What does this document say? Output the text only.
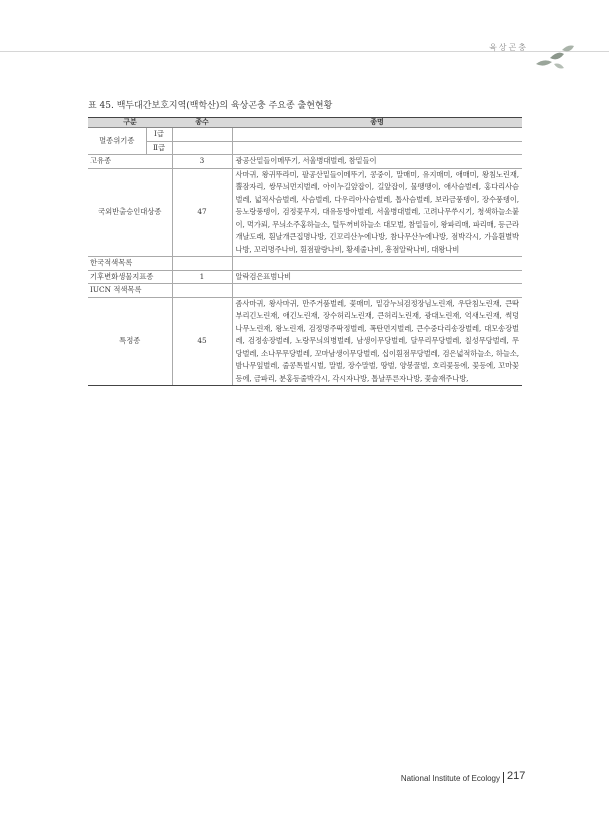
육상곤충
표 45. 백두대간보호지역(백학산)의 육상곤충 주요종 출현현황
구분		종수	종명
멸종위기종	Ⅰ급		
	Ⅱ급		
고유종		3	광공산밑들이메뚜기, 서울병대벌레, 참밑들이
국외반출승인대상종		47	사마귀, 왕귀뚜라미, 팔공산밑들이메뚜기, 콩중이, 말매미, 유지매미, 애매미, 왕침노린재, 뿔잠자리, 쌍무늬먼지벌레, 아이누길앞잡이, 길앞잡이, 물땡땡이, 애사슴벌레, 홍다리사슴벌레, 넓적사슴벌레, 사슴벌레, 다우리아사슴벌레, 톱사슴벌레, 보라금풍뎅이, 장수풍뎅이, 등노랑풍뎅이, 검정꽃무지, 대유동방아벌레, 서울병대벌레, 고려나무쑤시기, 청색하늘소붙이, 먹가뢰, 무늬소주홍하늘소, 털두꺼비하늘소 대모벌, 참밑들이, 왕파리매, 파리매, 등근라개날도래, 흰날개큰집명나방, 긴꼬리산누에나방, 참나무산누에나방, 점박각시, 가을휜별박나방, 꼬리명주나비, 흰점팔랑나비, 황세줄나비, 흥점알락나비, 대왕나비
한국적색목록			
기후변화생물지표종		1	알락검은표범나비
IUCN 적색목록			
특정종		45	좀사마귀, 왕사마귀, 만주거품벌레, 꽃매미, 밑감누늬검정장님노린재, 우단침노린재, 큰딱부리긴노린재, 애긴노린재, 장수허리노린재, 큰허리노린재, 광대노린재, 억새노린재, 썩덩나무노린재, 왕노린재, 검정명주딱정벌레, 폭탄먼지벌레, 큰수중다리송장벌레, 대모송장벌레, 검정송장벌레, 노랑무늬의병벌레, 남생이무당벌레, 달무리무당벌레, 칠성무당벌레, 무당벌레, 소나무무당벌레, 꼬마남생이무당벌레, 십이흰점무당벌레, 검은넓적하늘소, 하늘소, 밤나무잎벌레, 줄콩톡벌시벌, 말벌, 장수말벌, 땅벌, 양봉꿀벌, 호리꽃등에, 꽃등에, 꼬마꽃등에, 금파리, 분홍등줄박각시, 각시자나방, 톱날푸른자나방, 꽃술재주나방,
National Institute of Ecology 217
